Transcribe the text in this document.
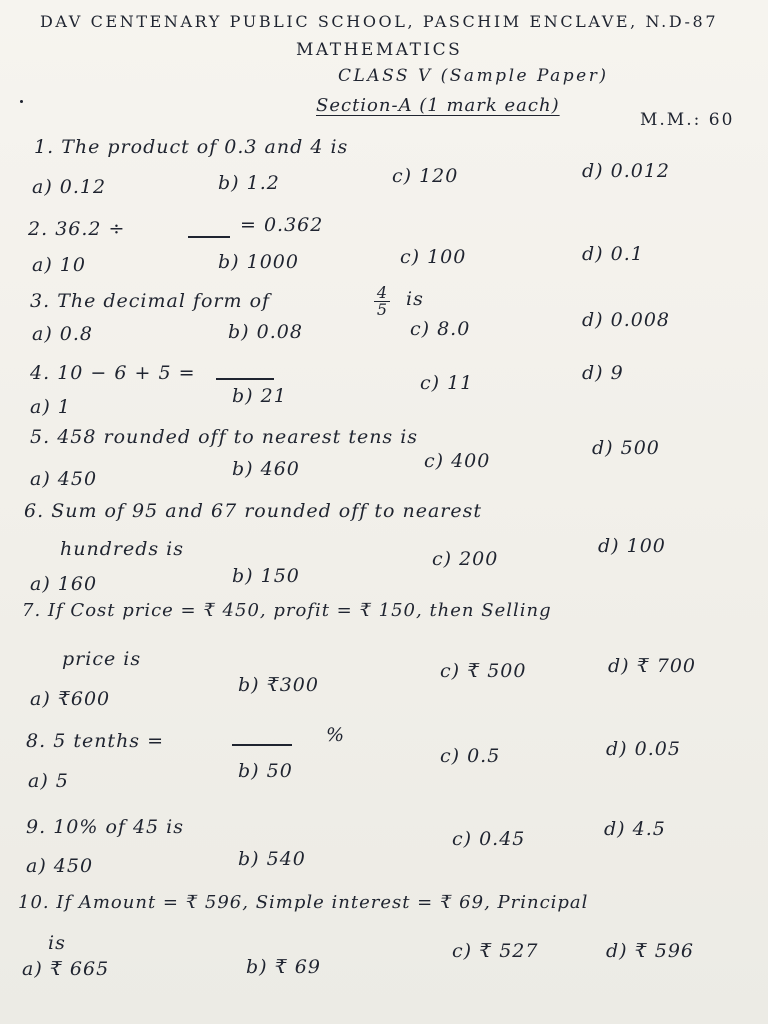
DAV CENTENARY PUBLIC SCHOOL, PASCHIM ENCLAVE, N.D-87
MATHEMATICS
CLASS V (Sample Paper)
Section-A (1 mark each)
M.M.: 60
1. The product of 0.3 and 4 is
a) 0.12	b) 1.2	c) 120	d) 0.012
2. 36.2 ÷	= 0.362
a) 10	b) 1000	c) 100	d) 0.1
3. The decimal form of	$\frac{4}{5}$ is
a) 0.8	b) 0.08	c) 8.0	d) 0.008
4. 10 − 6 + 5 =
a) 1	b) 21
c) 11	d) 9
5. 458 rounded off to nearest tens is
a) 450	b) 460	c) 400
d) 500
6. Sum of 95 and 67 rounded off to nearest
hundreds is
a) 160	b) 150
c) 200
d) 100
7. If Cost price = ₹ 450, profit = ₹ 150, then Selling
price is
a) ₹600
b) ₹300
c) ₹ 500	d) ₹ 700
8. 5 tenths =	%
a) 5	b) 50
c) 0.5	d) 0.05
9. 10% of 45 is
a) 450	b) 540
c) 0.45	d) 4.5
10. If Amount = ₹ 596, Simple interest = ₹ 69, Principal
is
a) ₹ 665	b) ₹ 69
c) ₹ 527	d) ₹ 596
